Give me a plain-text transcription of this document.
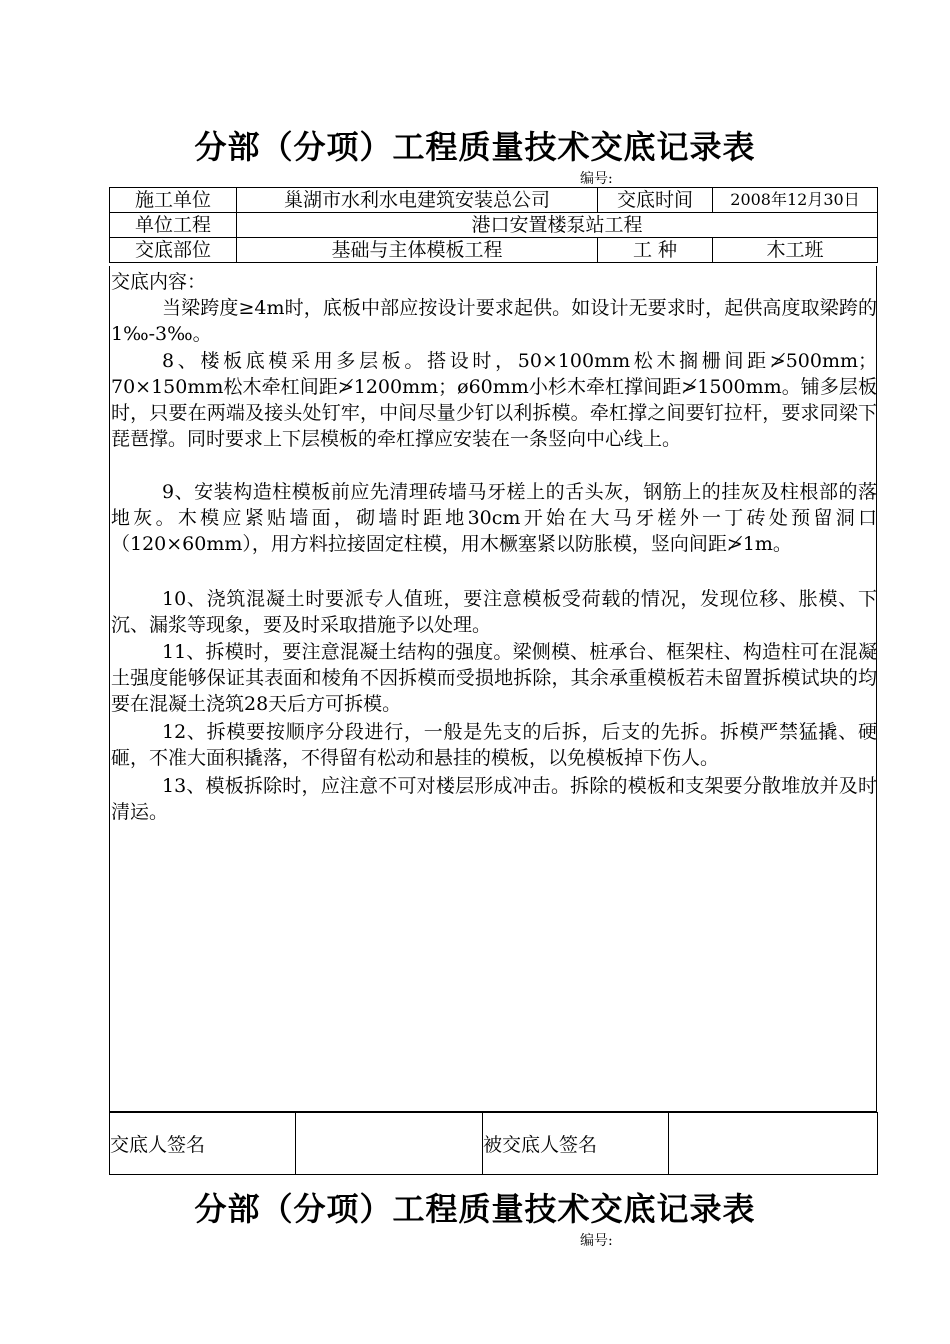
分部（分项）工程质量技术交底记录表
编号:
施工单位	巢湖市水利水电建筑安装总公司	交底时间	2008年12月30日
单位工程	港口安置楼泵站工程		
交底部位	基础与主体模板工程	工 种	木工班
交底内容：
当梁跨度≥4m时，底板中部应按设计要求起供。如设计无要求时，起供高度取梁跨的1‰-3‰。
8、楼板底模采用多层板。搭设时，50×100mm松木搁栅间距≯500mm；70×150mm松木牵杠间距≯1200mm；ø60mm小杉木牵杠撑间距≯1500mm。铺多层板时，只要在两端及接头处钉牢，中间尽量少钉以利拆模。牵杠撑之间要钉拉杆，要求同梁下琵琶撑。同时要求上下层模板的牵杠撑应安装在一条竖向中心线上。
9、安装构造柱模板前应先清理砖墙马牙槎上的舌头灰，钢筋上的挂灰及柱根部的落地灰。木模应紧贴墙面，砌墙时距地30cm开始在大马牙槎外一丁砖处预留洞口（120×60mm），用方料拉接固定柱模，用木橛塞紧以防胀模，竖向间距≯1m。
10、浇筑混凝土时要派专人值班，要注意模板受荷载的情况，发现位移、胀模、下沉、漏浆等现象，要及时采取措施予以处理。
11、拆模时，要注意混凝土结构的强度。梁侧模、桩承台、框架柱、构造柱可在混凝土强度能够保证其表面和棱角不因拆模而受损地拆除，其余承重模板若未留置拆模试块的均要在混凝土浇筑28天后方可拆模。
12、拆模要按顺序分段进行，一般是先支的后拆，后支的先拆。拆模严禁猛撬、硬砸，不准大面积撬落，不得留有松动和悬挂的模板，以免模板掉下伤人。
13、模板拆除时，应注意不可对楼层形成冲击。拆除的模板和支架要分散堆放并及时清运。
交底人签名		被交底人签名	
分部（分项）工程质量技术交底记录表
编号:
